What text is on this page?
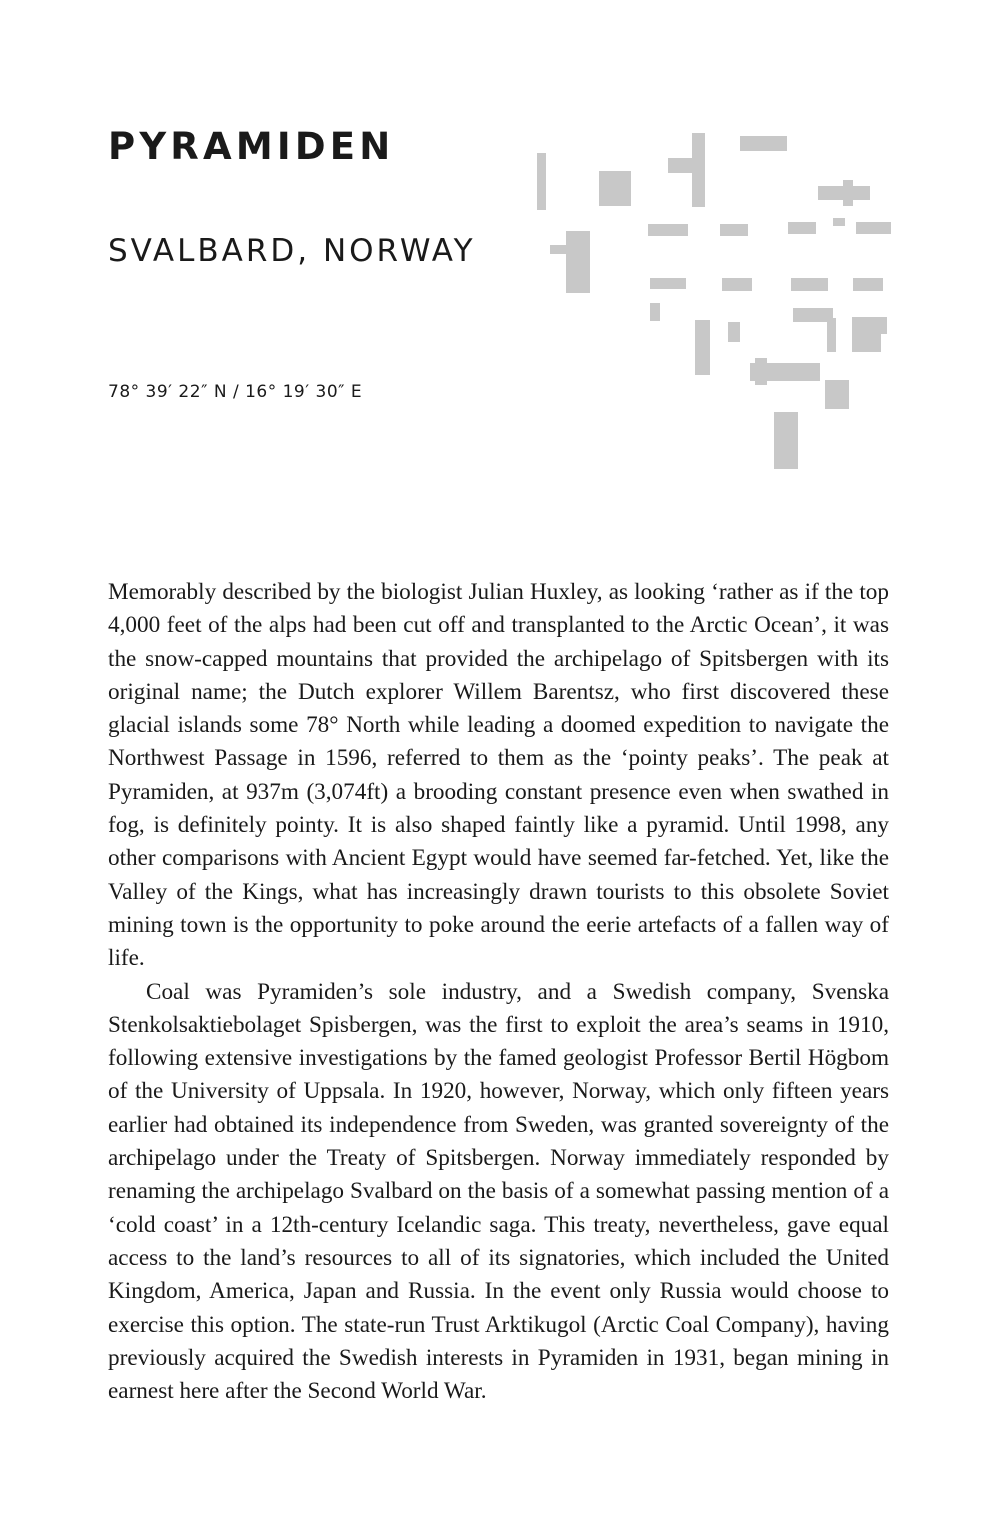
PYRAMIDEN
SVALBARD, NORWAY
78° 39′ 22″ N / 16° 19′ 30″ E

Memorably described by the biologist Julian Huxley, as looking ‘rather as if the top 4,000 feet of the alps had been cut off and transplanted to the Arctic Ocean’, it was the snow-capped mountains that provided the archipelago of Spitsbergen with its original name; the Dutch explorer Willem Barentsz, who first discovered these glacial islands some 78° North while leading a doomed expedition to navigate the Northwest Passage in 1596, referred to them as the ‘pointy peaks’. The peak at Pyramiden, at 937m (3,074ft) a brooding constant presence even when swathed in fog, is definitely pointy. It is also shaped faintly like a pyramid. Until 1998, any other comparisons with Ancient Egypt would have seemed far-fetched. Yet, like the Valley of the Kings, what has increasingly drawn tourists to this obsolete Soviet mining town is the opportunity to poke around the eerie artefacts of a fallen way of life.

Coal was Pyramiden’s sole industry, and a Swedish company, Svenska Stenkolsaktiebolaget Spisbergen, was the first to exploit the area’s seams in 1910, following extensive investigations by the famed geologist Professor Bertil Högbom of the University of Uppsala. In 1920, however, Norway, which only fifteen years earlier had obtained its independence from Sweden, was granted sovereignty of the archipelago under the Treaty of Spitsbergen. Norway immediately responded by renaming the archipelago Svalbard on the basis of a somewhat passing mention of a ‘cold coast’ in a 12th-century Icelandic saga. This treaty, nevertheless, gave equal access to the land’s resources to all of its signatories, which included the United Kingdom, America, Japan and Russia. In the event only Russia would choose to exercise this option. The state-run Trust Arktikugol (Arctic Coal Company), having previously acquired the Swedish interests in Pyramiden in 1931, began mining in earnest here after the Second World War.
